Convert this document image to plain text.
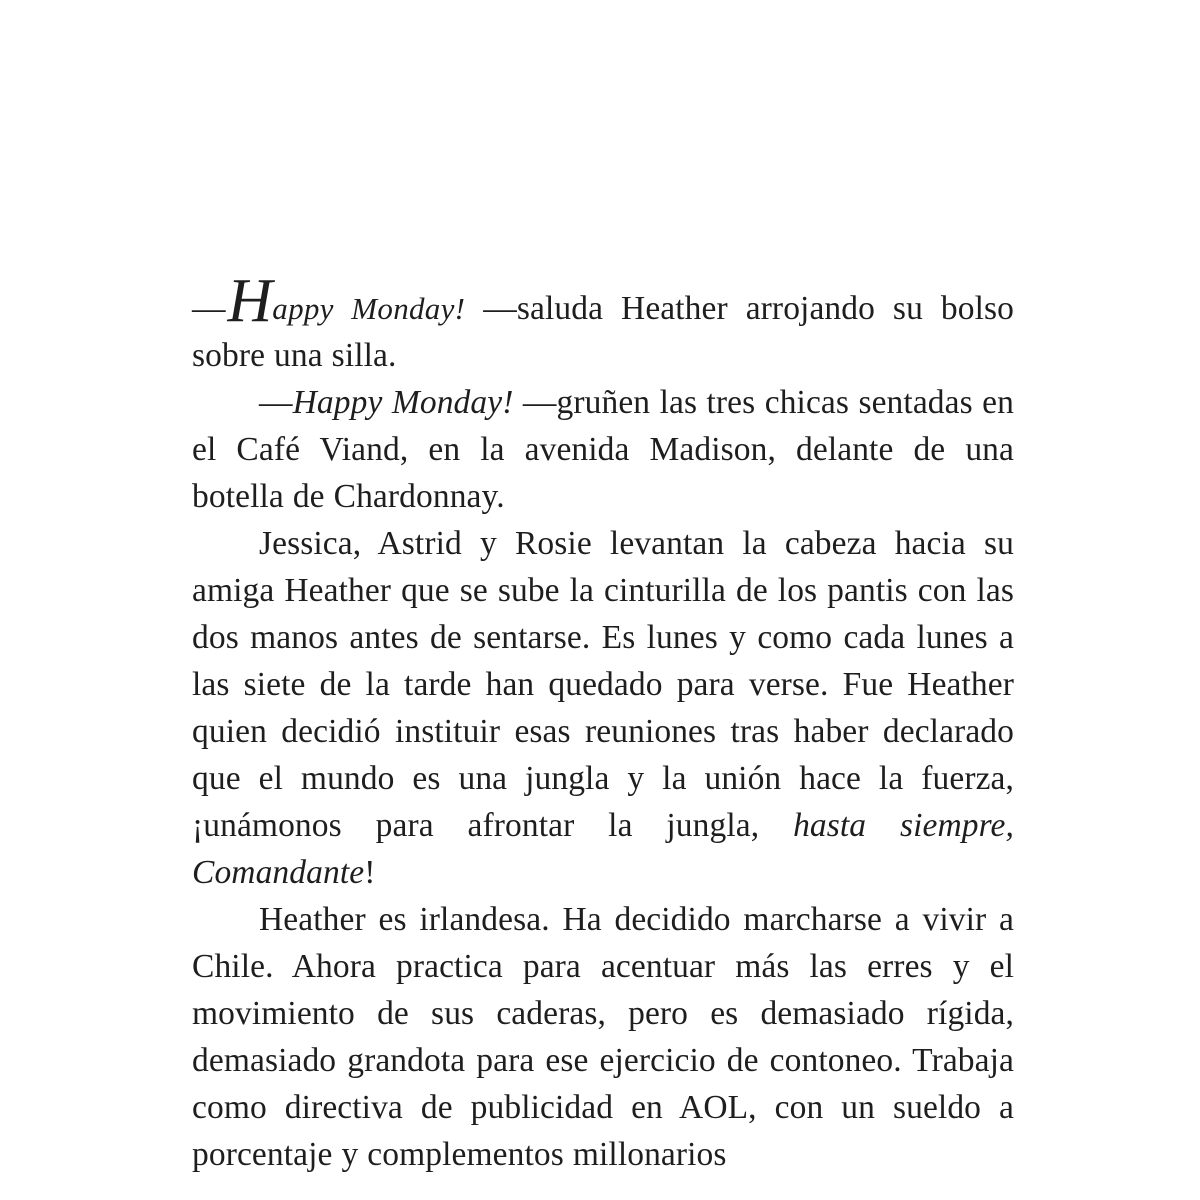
—Happy Monday! —saluda Heather arrojando su bolso sobre una silla.

—Happy Monday! —gruñen las tres chicas sentadas en el Café Viand, en la avenida Madison, delante de una botella de Chardonnay.

Jessica, Astrid y Rosie levantan la cabeza hacia su amiga Heather que se sube la cinturilla de los pantis con las dos manos antes de sentarse. Es lunes y como cada lunes a las siete de la tarde han quedado para verse. Fue Heather quien decidió instituir esas reuniones tras haber declarado que el mundo es una jungla y la unión hace la fuerza, ¡unámonos para afrontar la jungla, hasta siempre, Comandante!

Heather es irlandesa. Ha decidido marcharse a vivir a Chile. Ahora practica para acentuar más las erres y el movimiento de sus caderas, pero es demasiado rígida, demasiado grandota para ese ejercicio de contoneo. Trabaja como directiva de publicidad en AOL, con un sueldo a porcentaje y complementos millonarios
